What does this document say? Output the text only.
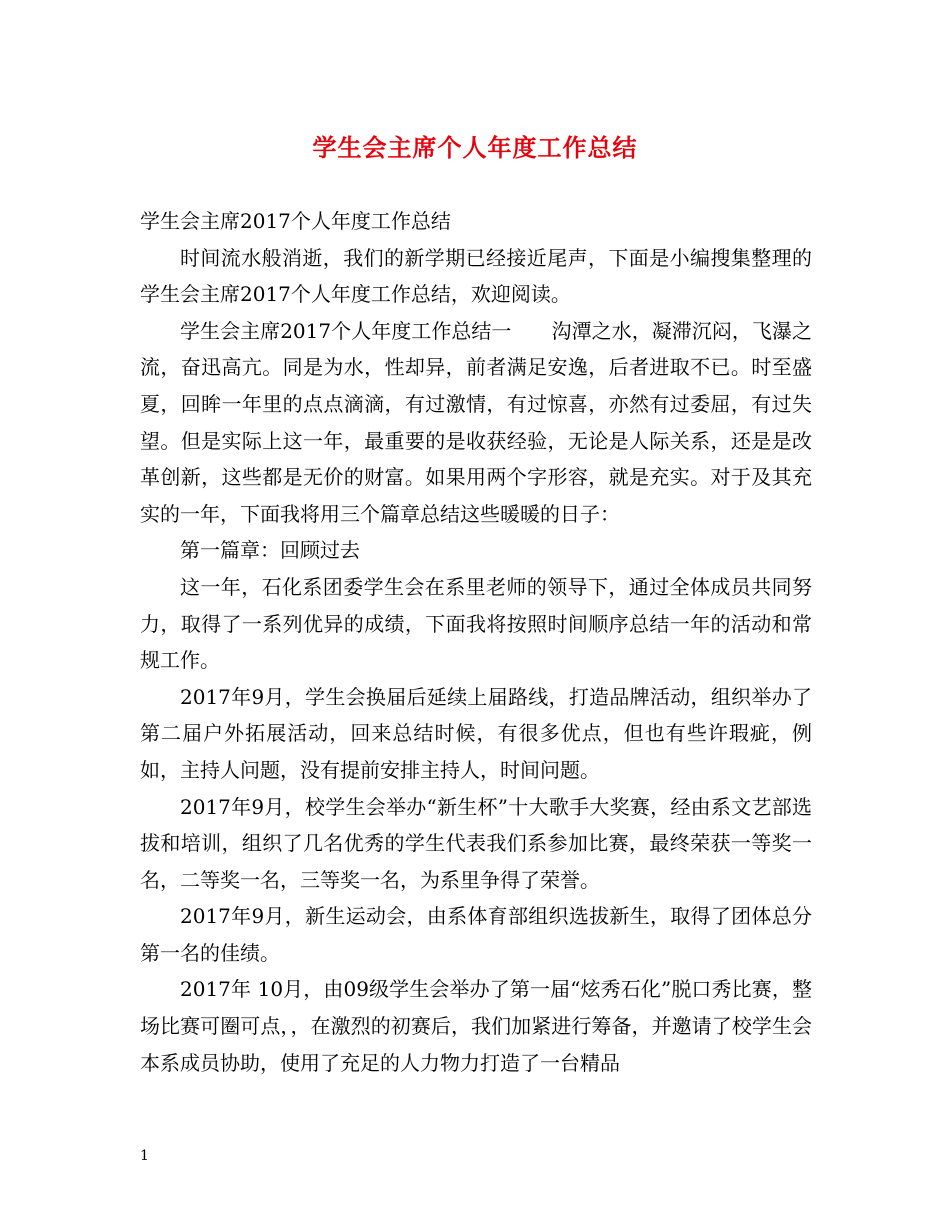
学生会主席个人年度工作总结

学生会主席2017个人年度工作总结

时间流水般消逝，我们的新学期已经接近尾声，下面是小编搜集整理的学生会主席2017个人年度工作总结，欢迎阅读。

学生会主席2017个人年度工作总结一　　沟潭之水，凝滞沉闷，飞瀑之流，奋迅高亢。同是为水，性却异，前者满足安逸，后者进取不已。时至盛夏，回眸一年里的点点滴滴，有过激情，有过惊喜，亦然有过委屈，有过失望。但是实际上这一年，最重要的是收获经验，无论是人际关系，还是是改革创新，这些都是无价的财富。如果用两个字形容，就是充实。对于及其充实的一年，下面我将用三个篇章总结这些暖暖的日子：

第一篇章：回顾过去

这一年，石化系团委学生会在系里老师的领导下，通过全体成员共同努力，取得了一系列优异的成绩，下面我将按照时间顺序总结一年的活动和常规工作。

2017年9月，学生会换届后延续上届路线，打造品牌活动，组织举办了第二届户外拓展活动，回来总结时候，有很多优点，但也有些许瑕疵，例如，主持人问题，没有提前安排主持人，时间问题。

2017年9月，校学生会举办“新生杯”十大歌手大奖赛，经由系文艺部选拔和培训，组织了几名优秀的学生代表我们系参加比赛，最终荣获一等奖一名，二等奖一名，三等奖一名，为系里争得了荣誉。

2017年9月，新生运动会，由系体育部组织选拔新生，取得了团体总分第一名的佳绩。

2017年 10月，由09级学生会举办了第一届“炫秀石化”脱口秀比赛，整场比赛可圈可点，，在激烈的初赛后，我们加紧进行筹备，并邀请了校学生会本系成员协助，使用了充足的人力物力打造了一台精品

1
